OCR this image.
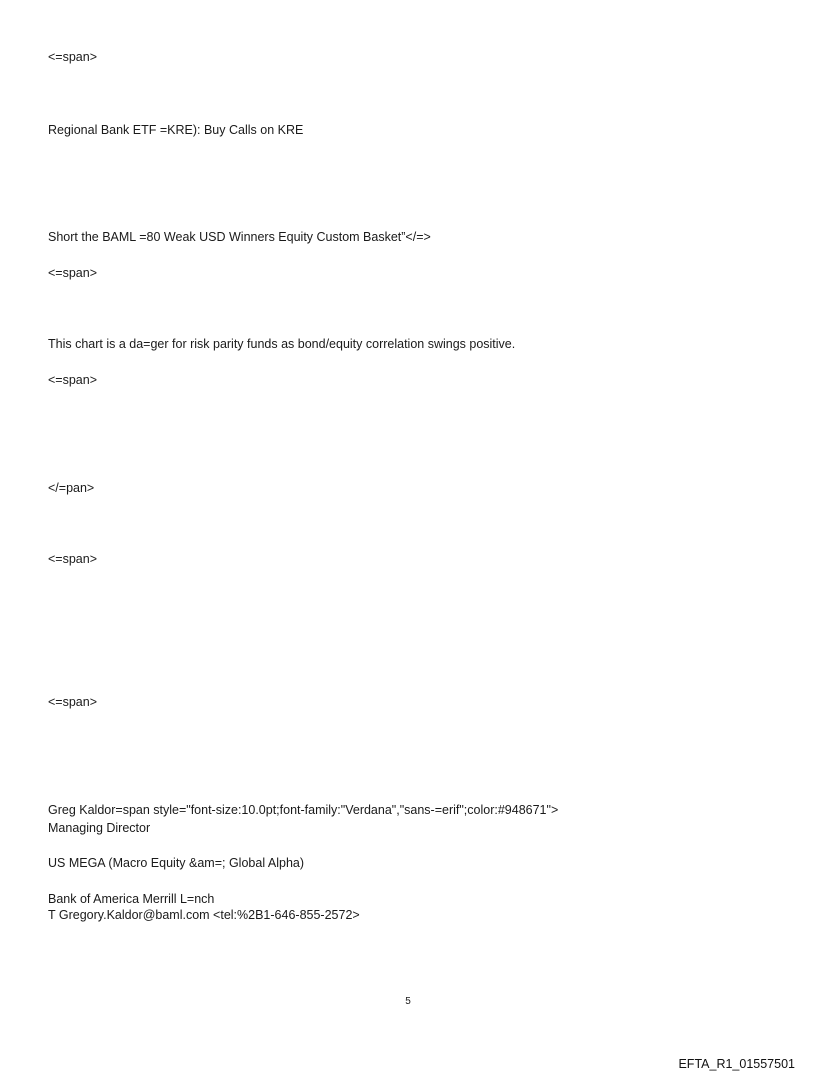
<=span>
Regional Bank ETF =KRE): Buy Calls on KRE
Short the BAML =80 Weak USD Winners Equity Custom Basket”</=>
<=span>
This chart is a da=ger for risk parity funds as bond/equity correlation swings positive.
<=span>
</=pan>
<=span>
<=span>
Greg Kaldor=span style="font-size:10.0pt;font-family:"Verdana","sans-=erif";color:#948671">
Managing Director
US MEGA (Macro Equity &am=; Global Alpha)
Bank of America Merrill L=nch
T Gregory.Kaldor@baml.com <tel:%2B1-646-855-2572>
5
EFTA_R1_01557501
